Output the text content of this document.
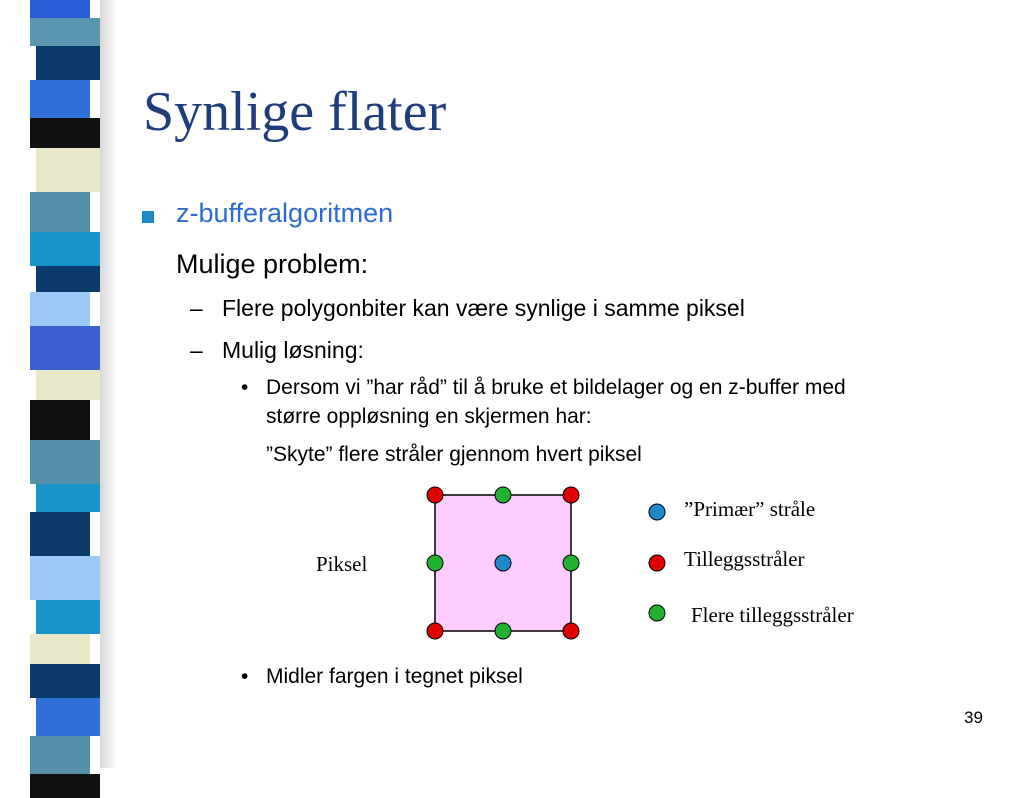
Synlige flater
z-bufferalgoritmen
Mulige problem:
– Flere polygonbiter kan være synlige i samme piksel
– Mulig løsning:
• Dersom vi ”har råd” til å bruke et bildelager og en z-buffer med
større oppløsning en skjermen har:
”Skyte” flere stråler gjennom hvert piksel
• Midler fargen i tegnet piksel
Piksel
”Primær” stråle
Tilleggsstråler
Flere tilleggsstråler
39
